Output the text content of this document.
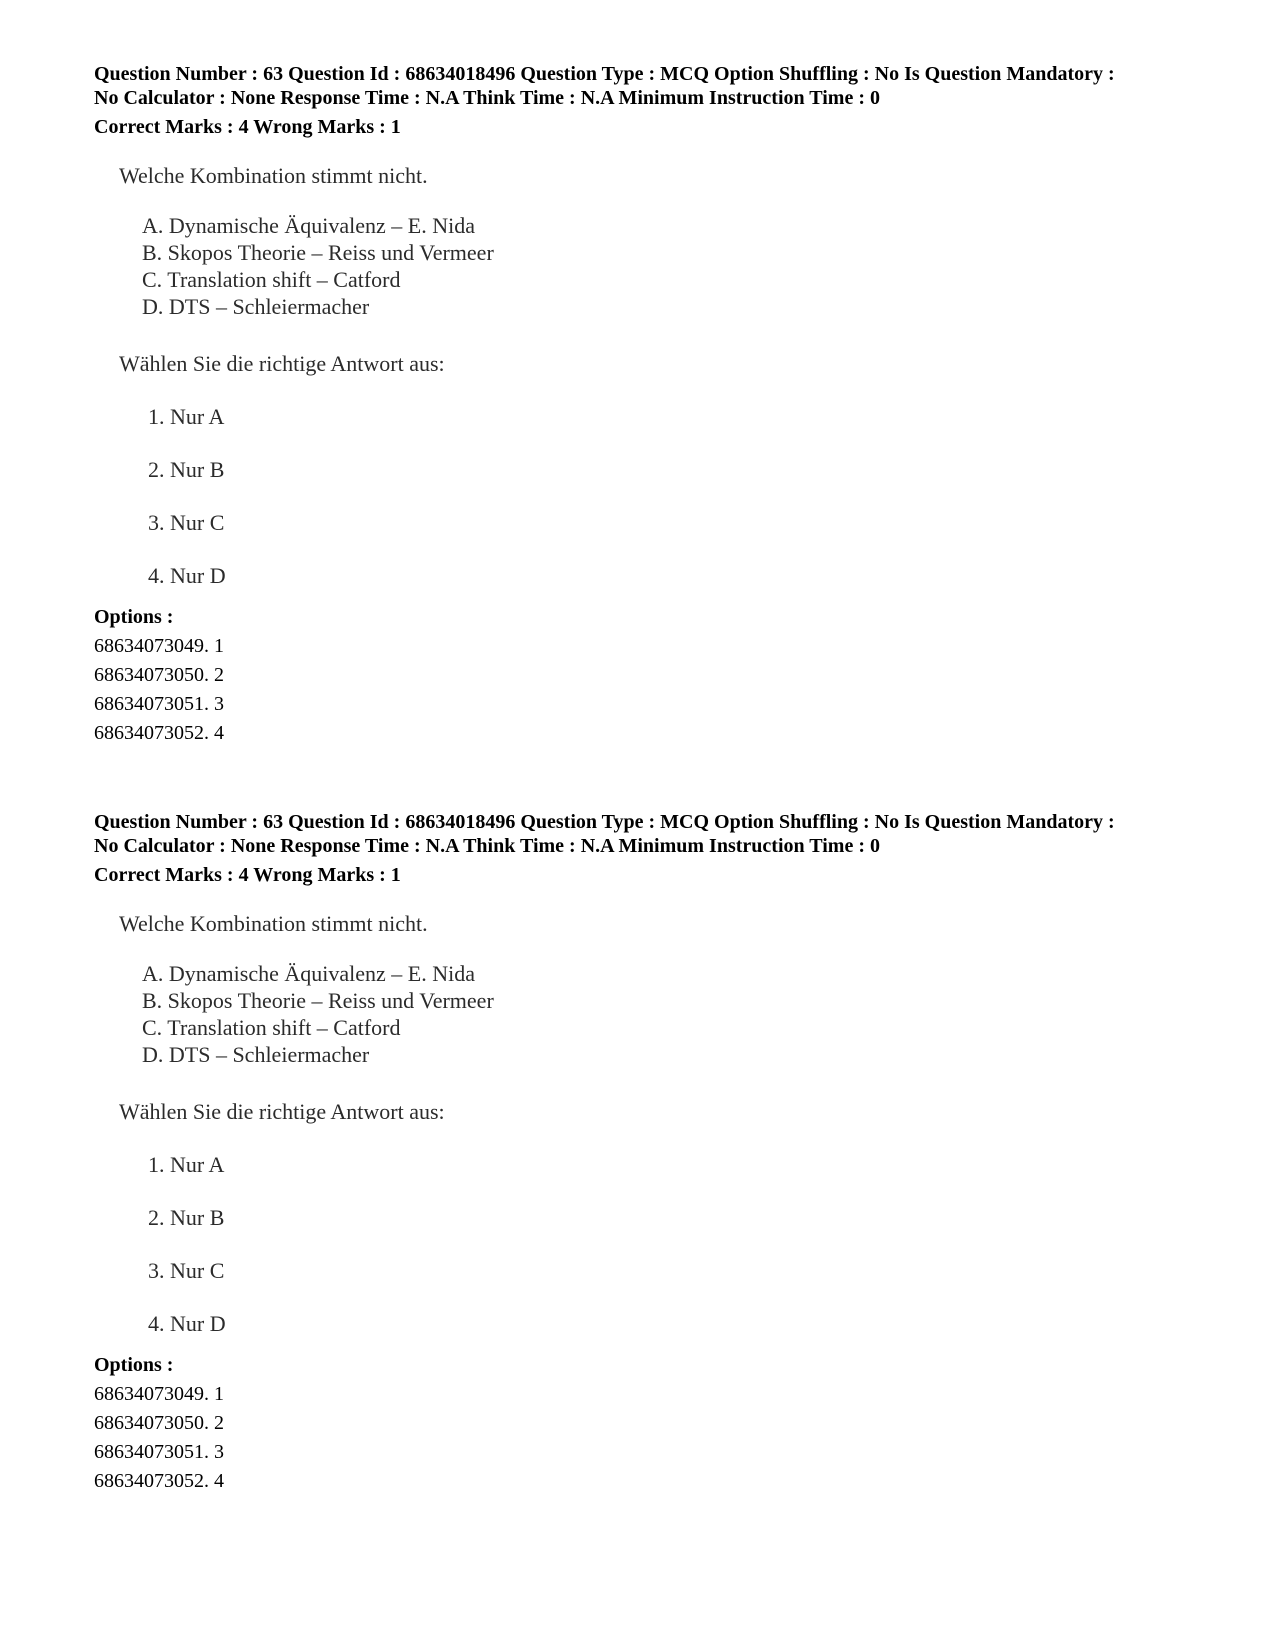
Question Number : 63 Question Id : 68634018496 Question Type : MCQ Option Shuffling : No Is Question Mandatory :
No Calculator : None Response Time : N.A Think Time : N.A Minimum Instruction Time : 0
Correct Marks : 4 Wrong Marks : 1
Welche Kombination stimmt nicht.
A. Dynamische Äquivalenz – E. Nida
B. Skopos Theorie – Reiss und Vermeer
C. Translation shift – Catford
D. DTS – Schleiermacher
Wählen Sie die richtige Antwort aus:
1. Nur A
2. Nur B
3. Nur C
4. Nur D
Options :
68634073049. 1
68634073050. 2
68634073051. 3
68634073052. 4
Question Number : 63 Question Id : 68634018496 Question Type : MCQ Option Shuffling : No Is Question Mandatory :
No Calculator : None Response Time : N.A Think Time : N.A Minimum Instruction Time : 0
Correct Marks : 4 Wrong Marks : 1
Welche Kombination stimmt nicht.
A. Dynamische Äquivalenz – E. Nida
B. Skopos Theorie – Reiss und Vermeer
C. Translation shift – Catford
D. DTS – Schleiermacher
Wählen Sie die richtige Antwort aus:
1. Nur A
2. Nur B
3. Nur C
4. Nur D
Options :
68634073049. 1
68634073050. 2
68634073051. 3
68634073052. 4
